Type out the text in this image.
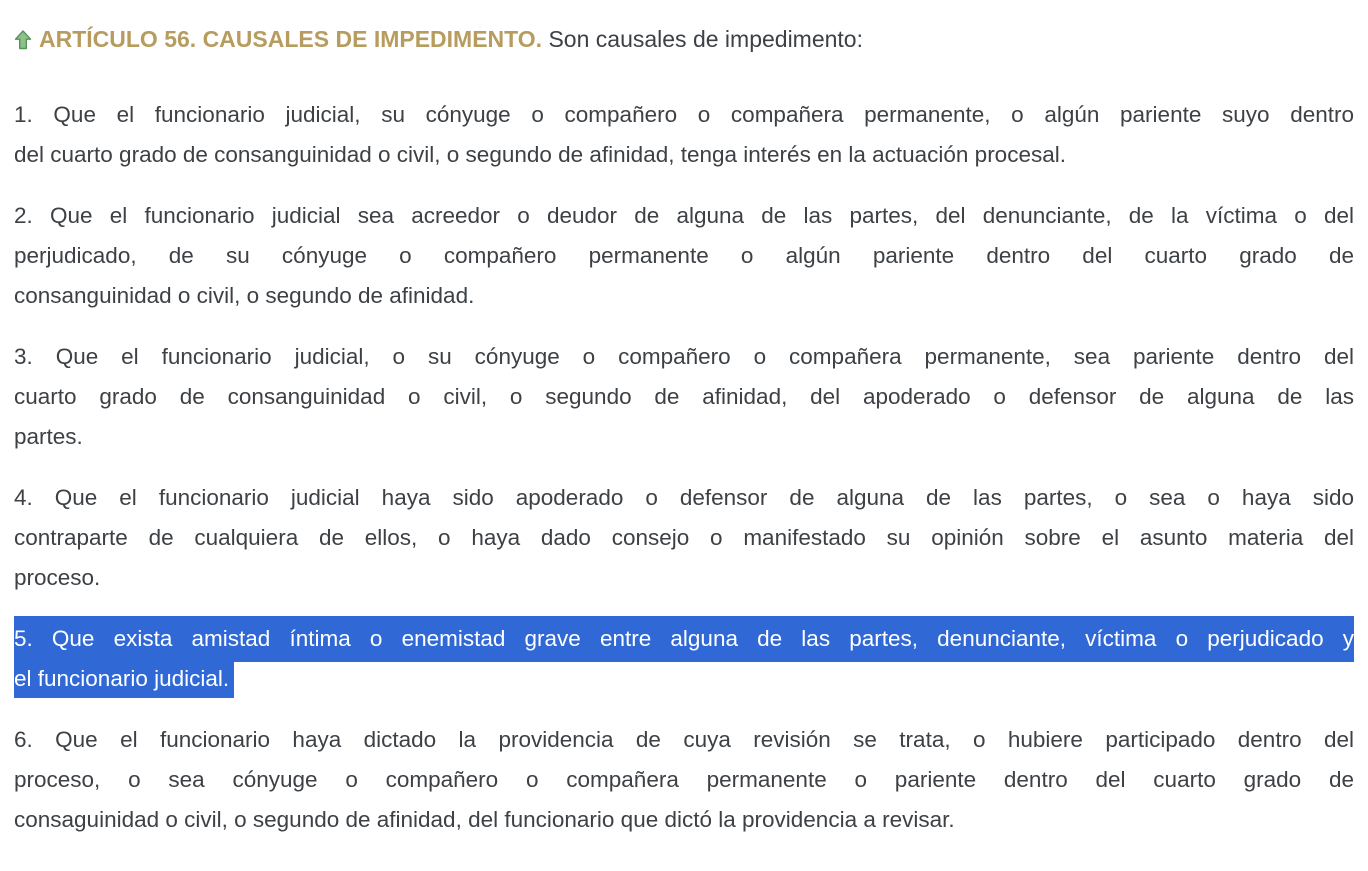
ARTÍCULO 56. CAUSALES DE IMPEDIMENTO. Son causales de impedimento:
1. Que el funcionario judicial, su cónyuge o compañero o compañera permanente, o algún pariente suyo dentro
del cuarto grado de consanguinidad o civil, o segundo de afinidad, tenga interés en la actuación procesal.
2. Que el funcionario judicial sea acreedor o deudor de alguna de las partes, del denunciante, de la víctima o del
perjudicado, de su cónyuge o compañero permanente o algún pariente dentro del cuarto grado de
consanguinidad o civil, o segundo de afinidad.
3. Que el funcionario judicial, o su cónyuge o compañero o compañera permanente, sea pariente dentro del
cuarto grado de consanguinidad o civil, o segundo de afinidad, del apoderado o defensor de alguna de las
partes.
4. Que el funcionario judicial haya sido apoderado o defensor de alguna de las partes, o sea o haya sido
contraparte de cualquiera de ellos, o haya dado consejo o manifestado su opinión sobre el asunto materia del
proceso.
5. Que exista amistad íntima o enemistad grave entre alguna de las partes, denunciante, víctima o perjudicado y
el funcionario judicial.
6. Que el funcionario haya dictado la providencia de cuya revisión se trata, o hubiere participado dentro del
proceso, o sea cónyuge o compañero o compañera permanente o pariente dentro del cuarto grado de
consaguinidad o civil, o segundo de afinidad, del funcionario que dictó la providencia a revisar.
